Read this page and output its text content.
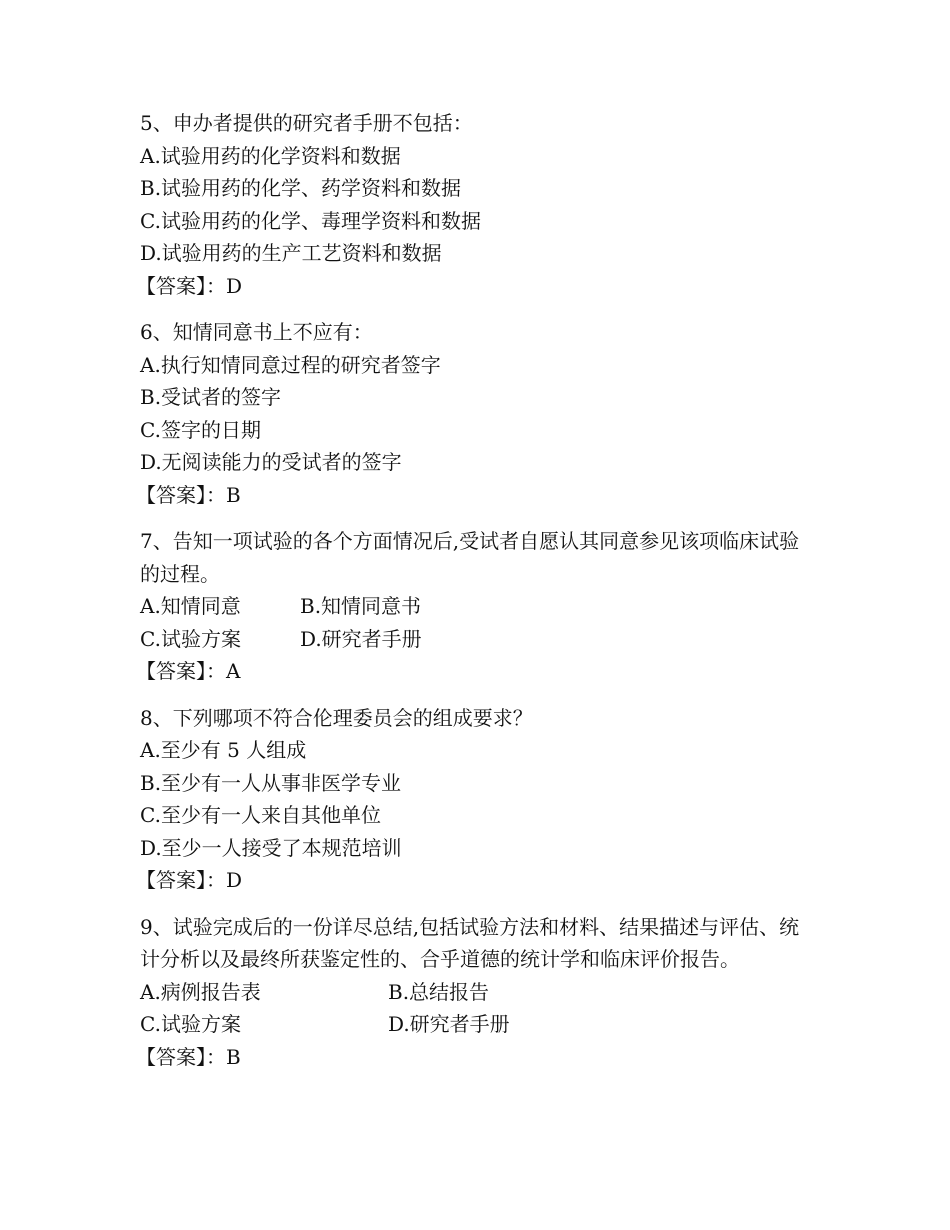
5、申办者提供的研究者手册不包括：
A.试验用药的化学资料和数据
B.试验用药的化学、药学资料和数据
C.试验用药的化学、毒理学资料和数据
D.试验用药的生产工艺资料和数据
【答案】：D
6、知情同意书上不应有：
A.执行知情同意过程的研究者签字
B.受试者的签字
C.签字的日期
D.无阅读能力的受试者的签字
【答案】：B
7、告知一项试验的各个方面情况后,受试者自愿认其同意参见该项临床试验的过程。
A.知情同意	B.知情同意书
C.试验方案	D.研究者手册
【答案】：A
8、下列哪项不符合伦理委员会的组成要求？
A.至少有 5 人组成
B.至少有一人从事非医学专业
C.至少有一人来自其他单位
D.至少一人接受了本规范培训
【答案】：D
9、试验完成后的一份详尽总结,包括试验方法和材料、结果描述与评估、统计分析以及最终所获鉴定性的、合乎道德的统计学和临床评价报告。
A.病例报告表	B.总结报告
C.试验方案	D.研究者手册
【答案】：B
